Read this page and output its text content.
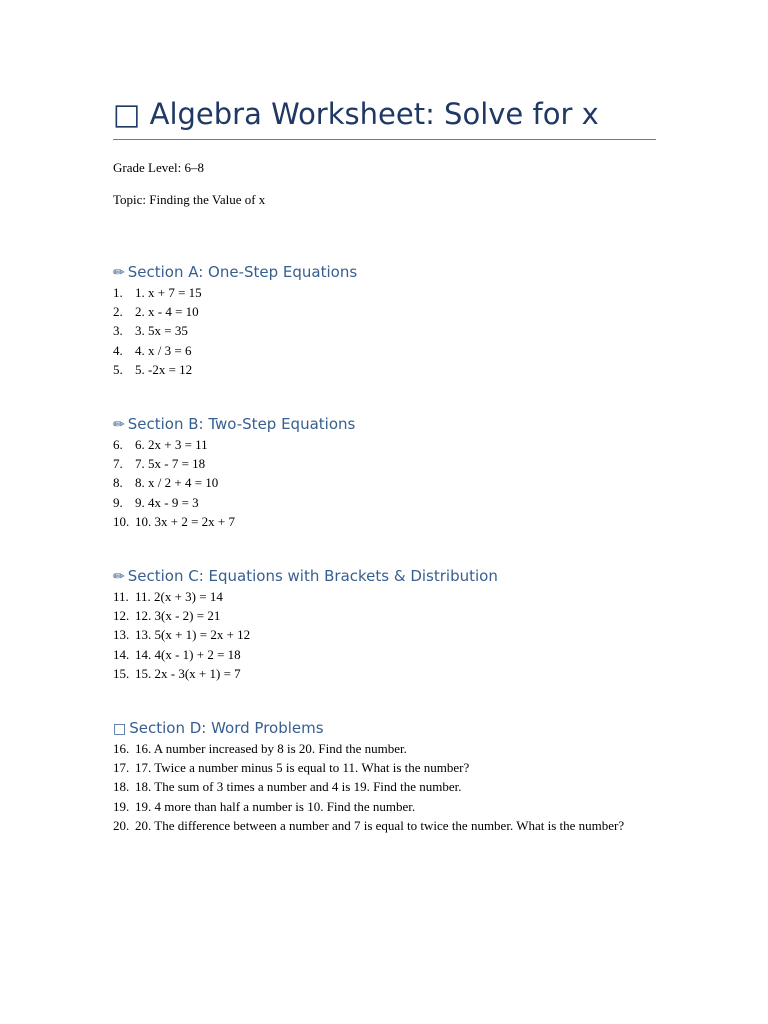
□ Algebra Worksheet: Solve for x
Grade Level: 6–8
Topic: Finding the Value of x
✏ Section A: One-Step Equations
1. 1. x + 7 = 15
2. 2. x - 4 = 10
3. 3. 5x = 35
4. 4. x / 3 = 6
5. 5. -2x = 12
✏ Section B: Two-Step Equations
6. 6. 2x + 3 = 11
7. 7. 5x - 7 = 18
8. 8. x / 2 + 4 = 10
9. 9. 4x - 9 = 3
10. 10. 3x + 2 = 2x + 7
✏ Section C: Equations with Brackets & Distribution
11. 11. 2(x + 3) = 14
12. 12. 3(x - 2) = 21
13. 13. 5(x + 1) = 2x + 12
14. 14. 4(x - 1) + 2 = 18
15. 15. 2x - 3(x + 1) = 7
□ Section D: Word Problems
16. 16. A number increased by 8 is 20. Find the number.
17. 17. Twice a number minus 5 is equal to 11. What is the number?
18. 18. The sum of 3 times a number and 4 is 19. Find the number.
19. 19. 4 more than half a number is 10. Find the number.
20. 20. The difference between a number and 7 is equal to twice the number. What is the number?
